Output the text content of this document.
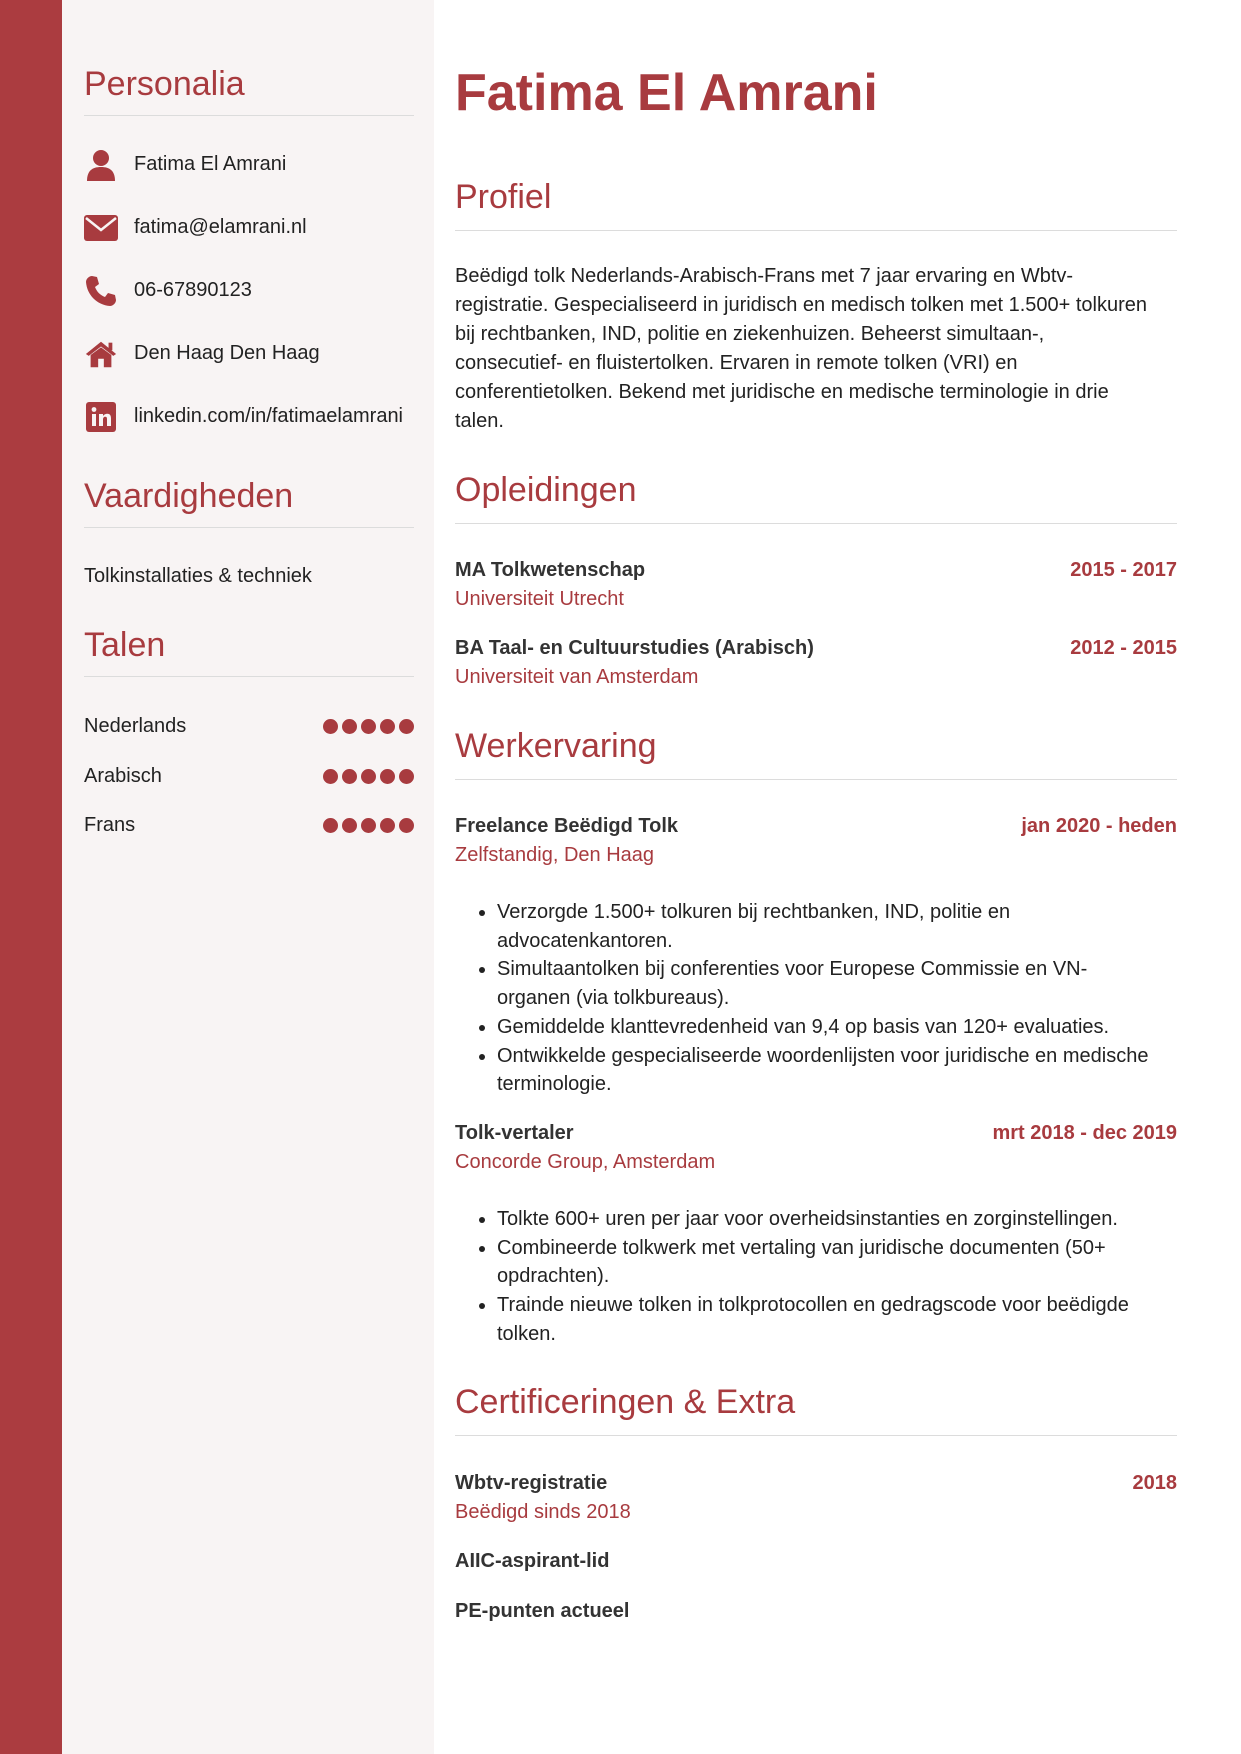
Personalia
Fatima El Amrani
fatima@elamrani.nl
06-67890123
Den Haag Den Haag
linkedin.com/in/fatimaelamrani
Vaardigheden
Tolkinstallaties & techniek
Talen
Nederlands
Arabisch
Frans
Fatima El Amrani
Profiel
Beëdigd tolk Nederlands-Arabisch-Frans met 7 jaar ervaring en Wbtv-
registratie. Gespecialiseerd in juridisch en medisch tolken met 1.500+ tolkuren
bij rechtbanken, IND, politie en ziekenhuizen. Beheerst simultaan-,
consecutief- en fluistertolken. Ervaren in remote tolken (VRI) en
conferentietolken. Bekend met juridische en medische terminologie in drie
talen.
Opleidingen
MA Tolkwetenschap	2015 - 2017
Universiteit Utrecht
BA Taal- en Cultuurstudies (Arabisch)	2012 - 2015
Universiteit van Amsterdam
Werkervaring
Freelance Beëdigd Tolk	jan 2020 - heden
Zelfstandig, Den Haag
• Verzorgde 1.500+ tolkuren bij rechtbanken, IND, politie en
advocatenkantoren.
• Simultaantolken bij conferenties voor Europese Commissie en VN-
organen (via tolkbureaus).
• Gemiddelde klanttevredenheid van 9,4 op basis van 120+ evaluaties.
• Ontwikkelde gespecialiseerde woordenlijsten voor juridische en medische
terminologie.
Tolk-vertaler	mrt 2018 - dec 2019
Concorde Group, Amsterdam
• Tolkte 600+ uren per jaar voor overheidsinstanties en zorginstellingen.
• Combineerde tolkwerk met vertaling van juridische documenten (50+
opdrachten).
• Trainde nieuwe tolken in tolkprotocollen en gedragscode voor beëdigde
tolken.
Certificeringen & Extra
Wbtv-registratie	2018
Beëdigd sinds 2018
AIIC-aspirant-lid
PE-punten actueel
